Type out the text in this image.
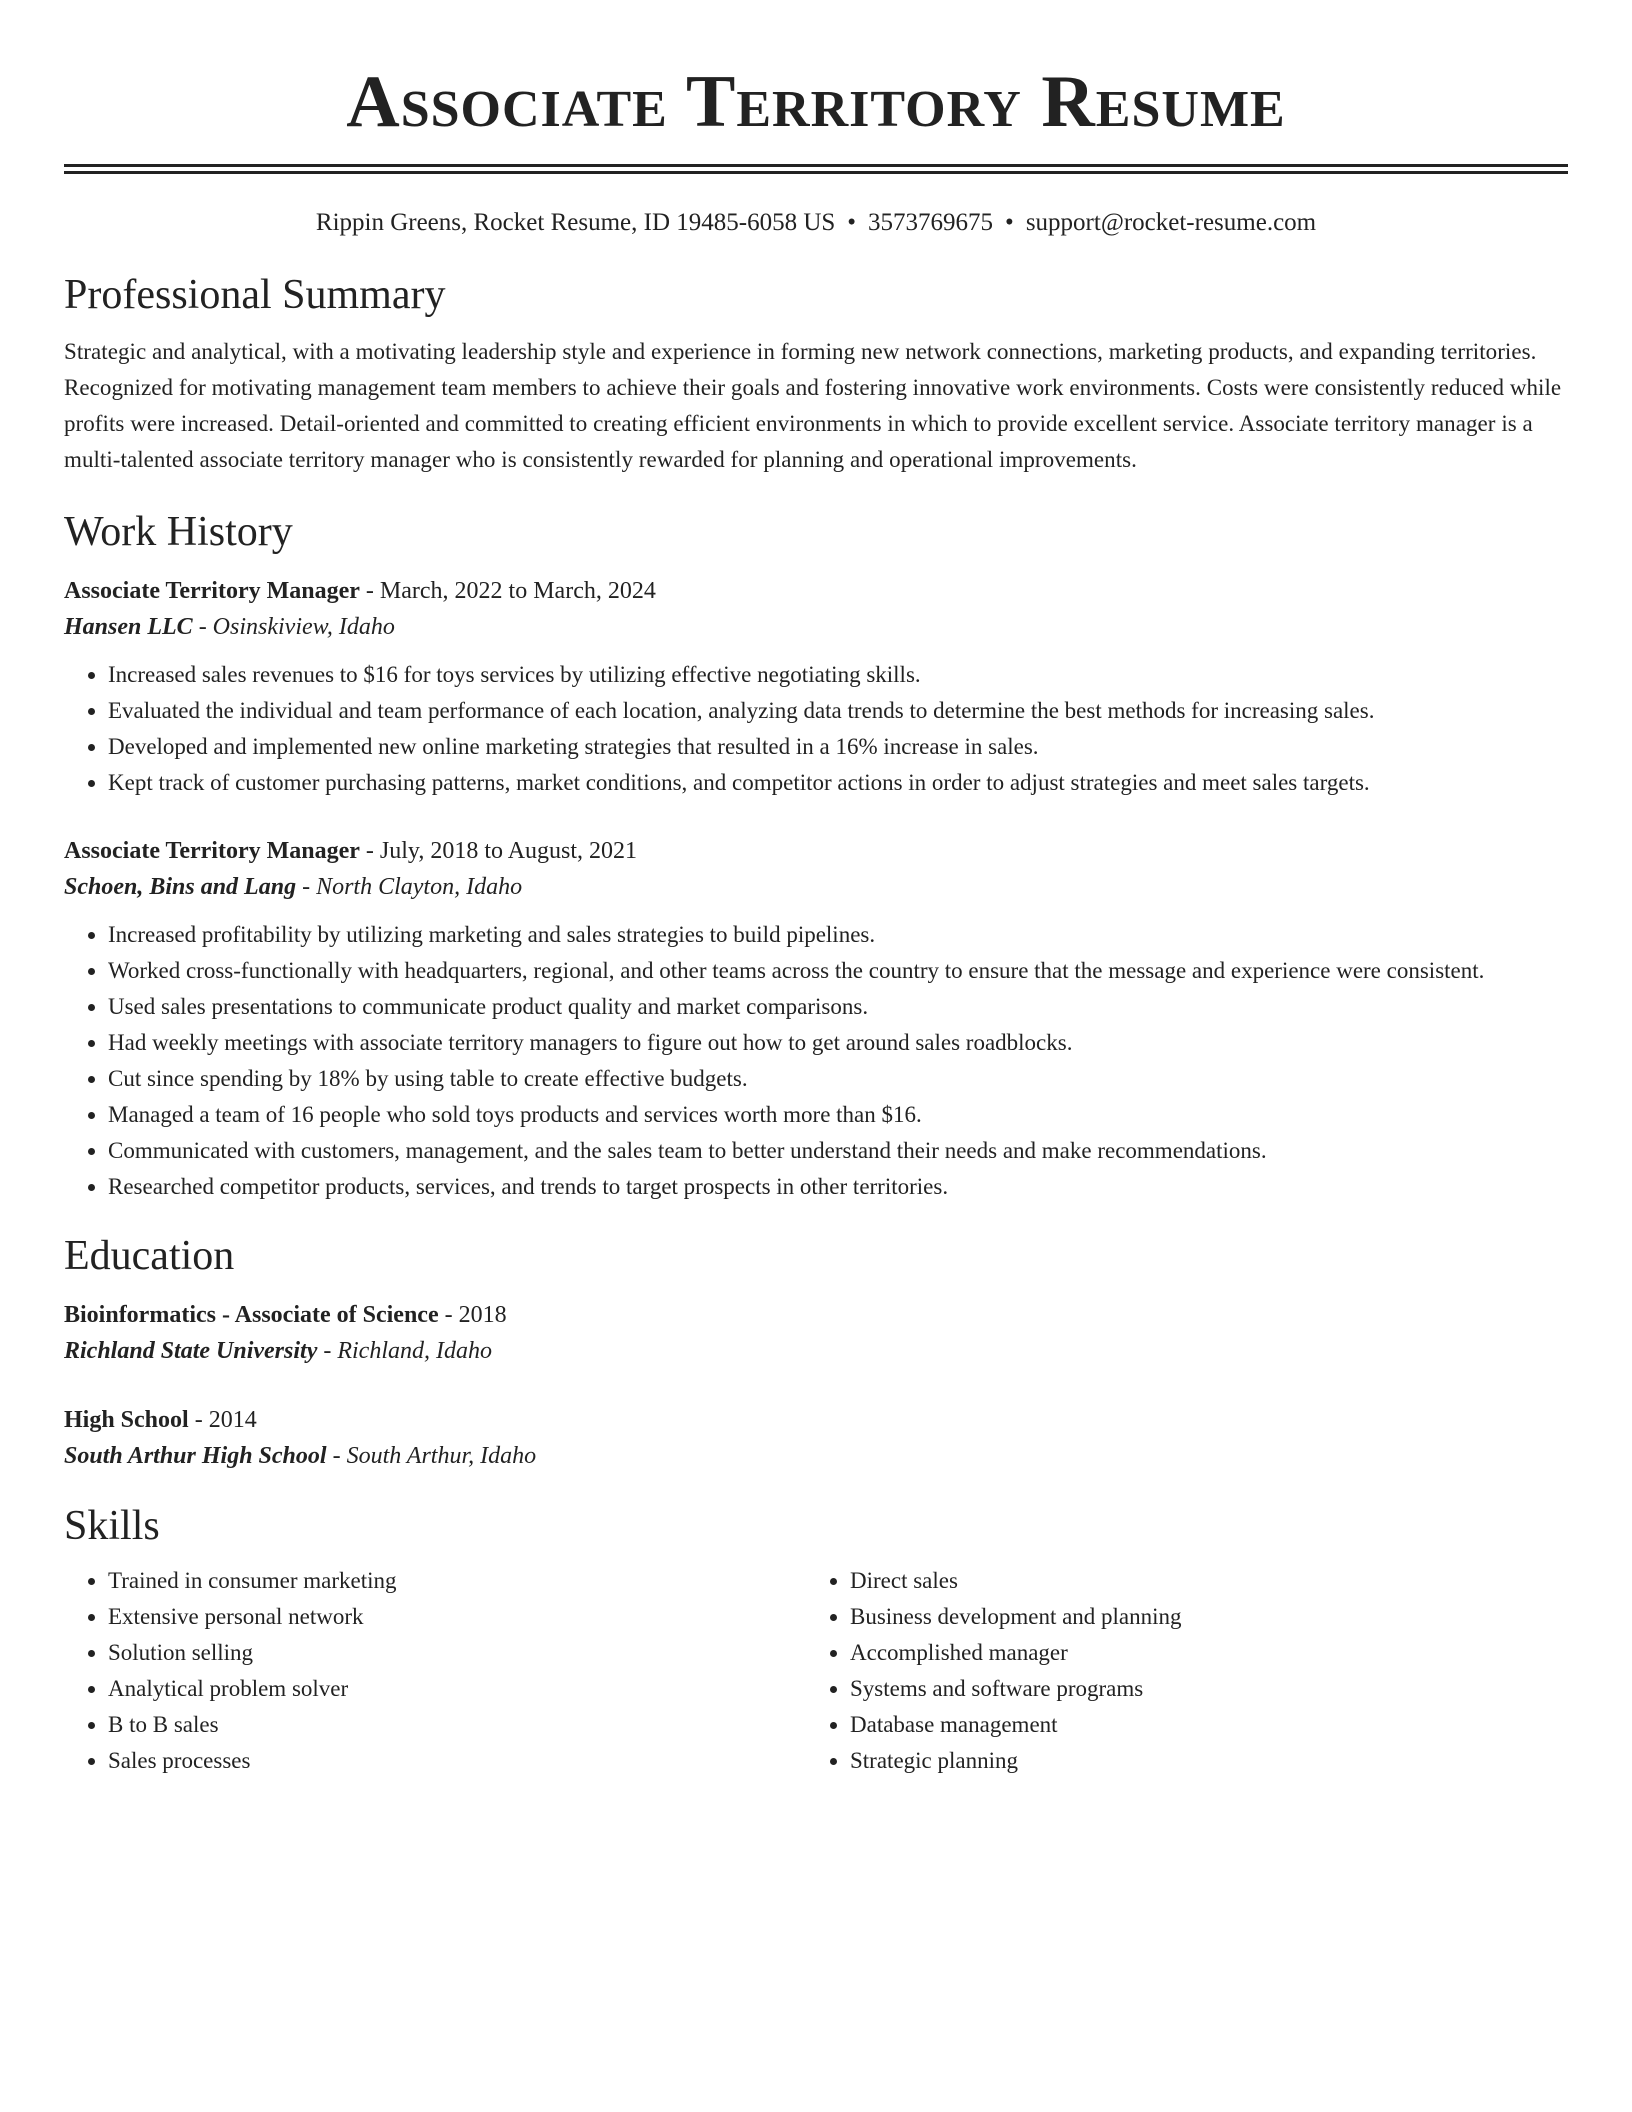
Associate Territory Resume
Rippin Greens, Rocket Resume, ID 19485-6058 US • 3573769675 • support@rocket-resume.com
Professional Summary

Strategic and analytical, with a motivating leadership style and experience in forming new network connections, marketing products, and expanding territories. Recognized for motivating management team members to achieve their goals and fostering innovative work environments. Costs were consistently reduced while profits were increased. Detail-oriented and committed to creating efficient environments in which to provide excellent service. Associate territory manager is a multi-talented associate territory manager who is consistently rewarded for planning and operational improvements.

Work History

Associate Territory Manager - March, 2022 to March, 2024

Hansen LLC - Osinskiview, Idaho

• Increased sales revenues to $16 for toys services by utilizing effective negotiating skills.
• Evaluated the individual and team performance of each location, analyzing data trends to determine the best methods for increasing sales.
• Developed and implemented new online marketing strategies that resulted in a 16% increase in sales.
• Kept track of customer purchasing patterns, market conditions, and competitor actions in order to adjust strategies and meet sales targets.

Associate Territory Manager - July, 2018 to August, 2021

Schoen, Bins and Lang - North Clayton, Idaho

• Increased profitability by utilizing marketing and sales strategies to build pipelines.
• Worked cross-functionally with headquarters, regional, and other teams across the country to ensure that the message and experience were consistent.
• Used sales presentations to communicate product quality and market comparisons.
• Had weekly meetings with associate territory managers to figure out how to get around sales roadblocks.
• Cut since spending by 18% by using table to create effective budgets.
• Managed a team of 16 people who sold toys products and services worth more than $16.
• Communicated with customers, management, and the sales team to better understand their needs and make recommendations.
• Researched competitor products, services, and trends to target prospects in other territories.
Education

Bioinformatics - Associate of Science - 2018

Richland State University - Richland, Idaho

High School - 2014

South Arthur High School - South Arthur, Idaho

Skills
• Trained in consumer marketing
• Extensive personal network
• Solution selling
• Analytical problem solver
• B to B sales
• Sales processes
• Direct sales
• Business development and planning
• Accomplished manager
• Systems and software programs
• Database management
• Strategic planning
